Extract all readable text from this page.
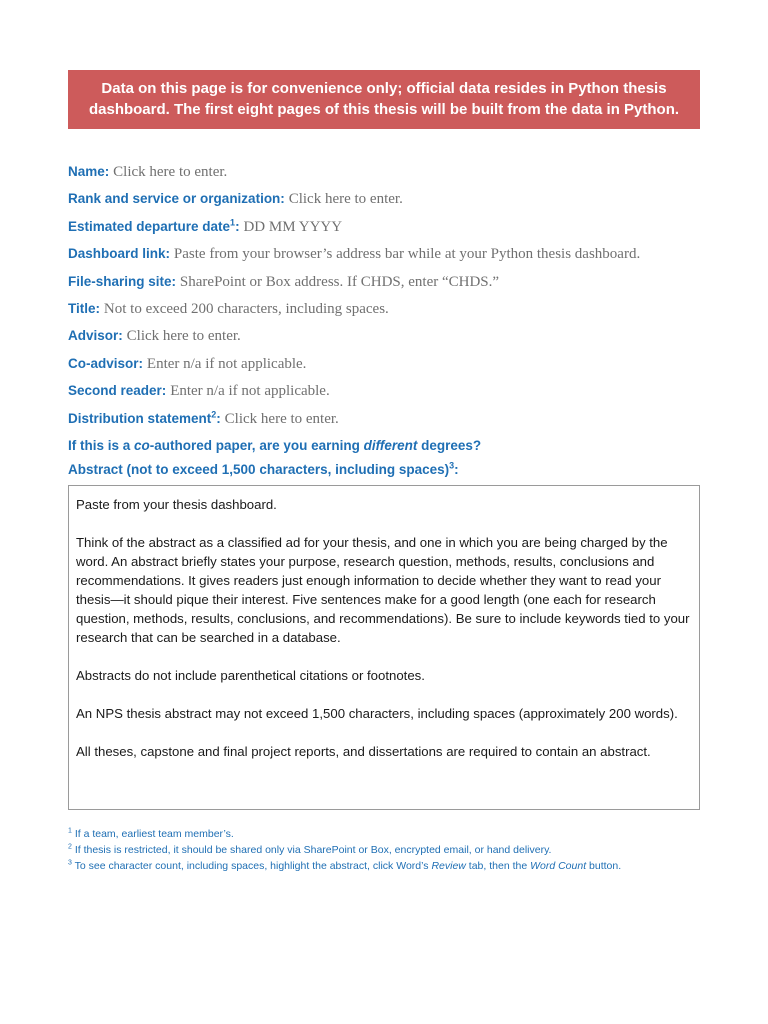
Data on this page is for convenience only; official data resides in Python thesis
dashboard. The first eight pages of this thesis will be built from the data in Python.
Name: Click here to enter.
Rank and service or organization: Click here to enter.
Estimated departure date$^1$: DD MM YYYY
Dashboard link: Paste from your browser’s address bar while at your Python thesis dashboard.
File-sharing site: SharePoint or Box address. If CHDS, enter “CHDS.”
Title: Not to exceed 200 characters, including spaces.
Advisor: Click here to enter.
Co-advisor: Enter n/a if not applicable.
Second reader: Enter n/a if not applicable.
Distribution statement$^2$: Click here to enter.
If this is a co-authored paper, are you earning different degrees?
Abstract (not to exceed 1,500 characters, including spaces)$^3$:

Paste from your thesis dashboard.

Think of the abstract as a classified ad for your thesis, and one in which you are being charged by the word. An abstract briefly states your purpose, research question, methods, results, conclusions and recommendations. It gives readers just enough information to decide whether they want to read your thesis—it should pique their interest. Five sentences make for a good length (one each for research question, methods, results, conclusions, and recommendations). Be sure to include keywords tied to your research that can be searched in a database.

Abstracts do not include parenthetical citations or footnotes.

An NPS thesis abstract may not exceed 1,500 characters, including spaces (approximately 200 words).

All theses, capstone and final project reports, and dissertations are required to contain an abstract.

$^1$ If a team, earliest team member’s.
$^2$ If thesis is restricted, it should be shared only via SharePoint or Box, encrypted email, or hand delivery.
$^3$ To see character count, including spaces, highlight the abstract, click Word’s Review tab, then the Word Count button.
